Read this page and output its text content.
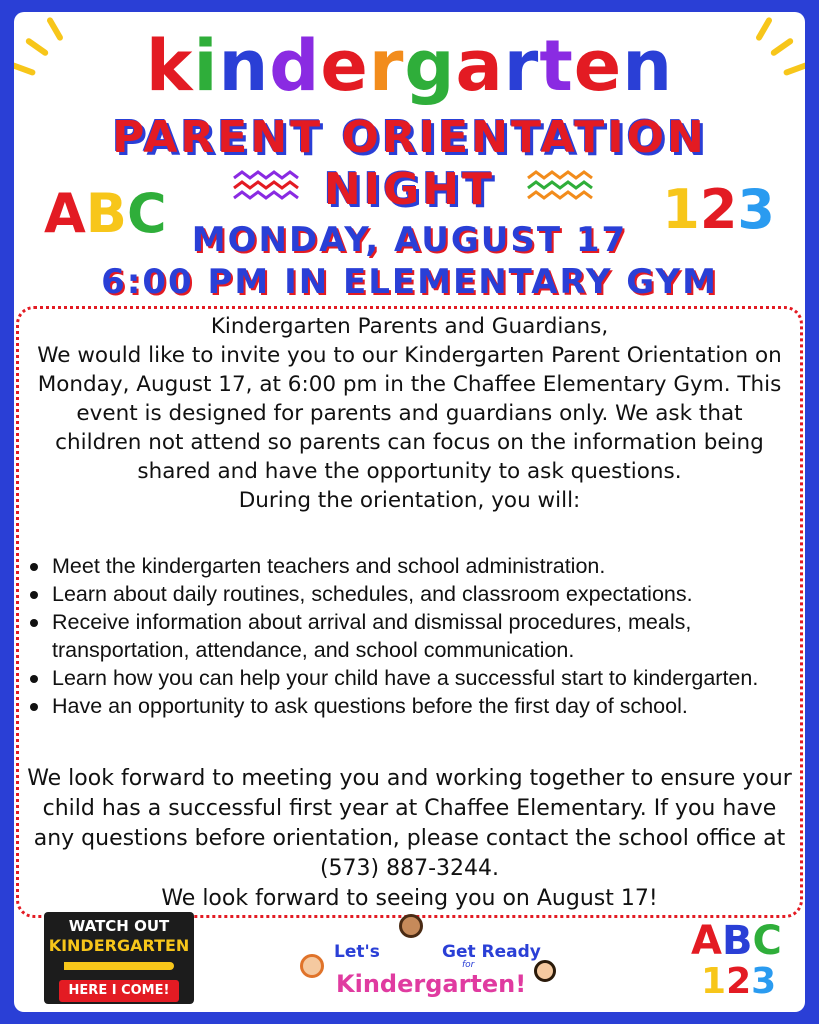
kindergarten
PARENT ORIENTATION
NIGHT
ABC	123
MONDAY, AUGUST 17
6:00 PM IN ELEMENTARY GYM
Kindergarten Parents and Guardians,
We would like to invite you to our Kindergarten Parent Orientation on Monday, August 17, at 6:00 pm in the Chaffee Elementary Gym. This event is designed for parents and guardians only. We ask that children not attend so parents can focus on the information being shared and have the opportunity to ask questions.
During the orientation, you will:
Meet the kindergarten teachers and school administration.
Learn about daily routines, schedules, and classroom expectations.
Receive information about arrival and dismissal procedures, meals, transportation, attendance, and school communication.
Learn how you can help your child have a successful start to kindergarten.
Have an opportunity to ask questions before the first day of school.
We look forward to meeting you and working together to ensure your child has a successful first year at Chaffee Elementary. If you have any questions before orientation, please contact the school office at (573) 887-3244.
We look forward to seeing you on August 17!
WATCH OUT
KINDERGARTEN
HERE I COME!
Let's	Get Ready
for
Kindergarten!
ABC
123
